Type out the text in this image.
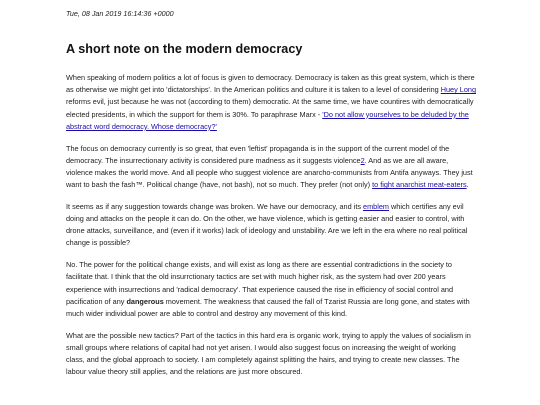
Tue, 08 Jan 2019 16:14:36 +0000
A short note on the modern democracy

When speaking of modern politics a lot of focus is given to democracy. Democracy is taken as this great system, which is there as otherwise we might get into 'dictatorships'. In the American politics and culture it is taken to a level of considering Huey Long reforms evil, just because he was not (according to them) democratic. At the same time, we have countires with democratically elected presidents, in which the support for them is 30%. To paraphrase Marx - 'Do not allow yourselves to be deluded by the abstract word democracy. Whose democracy?'

The focus on democracy currently is so great, that even 'leftist' propaganda is in the support of the current model of the democracy. The insurrectionary activity is considered pure madness as it suggests violence2. And as we are all aware, violence makes the world move. And all people who suggest violence are anarcho-communists from Antifa anyways. They just want to bash the fash™. Political change (have, not bash), not so much. They prefer (not only) to fight anarchist meat-eaters.

It seems as if any suggestion towards change was broken. We have our democracy, and its emblem which certifies any evil doing and attacks on the people it can do. On the other, we have violence, which is getting easier and easier to control, with drone attacks, surveillance, and (even if it works) lack of ideology and unstability. Are we left in the era where no real political change is possible?

No. The power for the political change exists, and will exist as long as there are essential contradictions in the society to facilitate that. I think that the old insurrctionary tactics are set with much higher risk, as the system had over 200 years experience with insurrections and 'radical democracy'. That experience caused the rise in efficiency of social control and pacification of any dangerous movement. The weakness that caused the fall of Tzarist Russia are long gone, and states with much wider individual power are able to control and destroy any movement of this kind.

What are the possible new tactics? Part of the tactics in this hard era is organic work, trying to apply the values of socialism in small groups where relations of capital had not yet arisen. I would also suggest focus on increasing the weight of working class, and the global approach to society. I am completely against splitting the hairs, and trying to create new classes. The labour value theory still applies, and the relations are just more obscured.
